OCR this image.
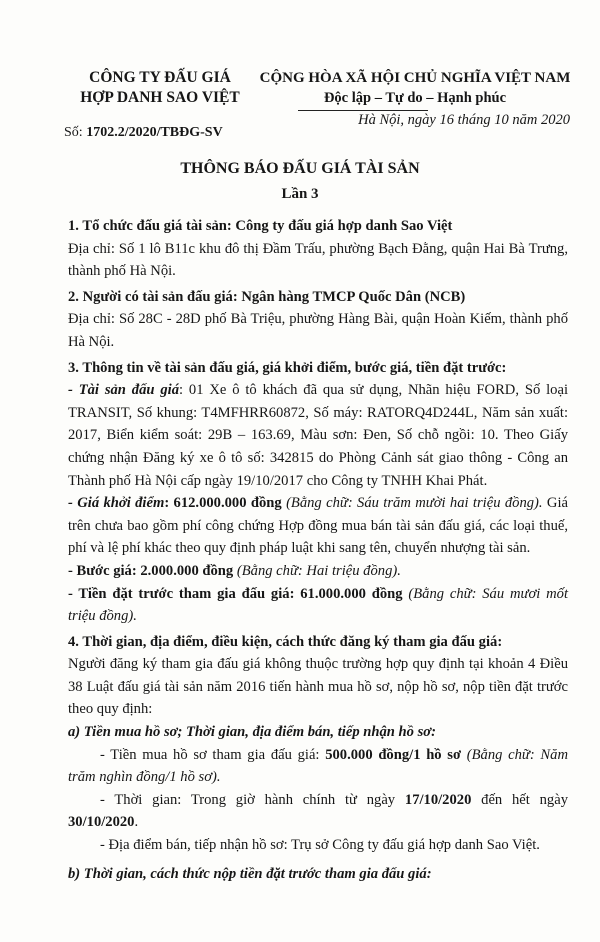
CÔNG TY ĐẤU GIÁ
HỢP DANH SAO VIỆT
CỘNG HÒA XÃ HỘI CHỦ NGHĨA VIỆT NAM
Độc lập – Tự do – Hạnh phúc
Số: 1702.2/2020/TBĐG-SV
Hà Nội, ngày 16 tháng 10 năm 2020
THÔNG BÁO ĐẤU GIÁ TÀI SẢN
Lần 3

1. Tổ chức đấu giá tài sản: Công ty đấu giá hợp danh Sao Việt

Địa chỉ: Số 1 lô B11c khu đô thị Đầm Trấu, phường Bạch Đằng, quận Hai Bà Trưng, thành phố Hà Nội.

2. Người có tài sản đấu giá: Ngân hàng TMCP Quốc Dân (NCB)

Địa chỉ: Số 28C - 28D phố Bà Triệu, phường Hàng Bài, quận Hoàn Kiếm, thành phố Hà Nội.

3. Thông tin về tài sản đấu giá, giá khởi điểm, bước giá, tiền đặt trước:

- Tài sản đấu giá: 01 Xe ô tô khách đã qua sử dụng, Nhãn hiệu FORD, Số loại TRANSIT, Số khung: T4MFHRR60872, Số máy: RATORQ4D244L, Năm sản xuất: 2017, Biển kiểm soát: 29B – 163.69, Màu sơn: Đen, Số chỗ ngồi: 10. Theo Giấy chứng nhận Đăng ký xe ô tô số: 342815 do Phòng Cảnh sát giao thông - Công an Thành phố Hà Nội cấp ngày 19/10/2017 cho Công ty TNHH Khai Phát.

- Giá khởi điểm: 612.000.000 đồng (Bằng chữ: Sáu trăm mười hai triệu đồng). Giá trên chưa bao gồm phí công chứng Hợp đồng mua bán tài sản đấu giá, các loại thuế, phí và lệ phí khác theo quy định pháp luật khi sang tên, chuyển nhượng tài sản.

- Bước giá: 2.000.000 đồng (Bằng chữ: Hai triệu đồng).

- Tiền đặt trước tham gia đấu giá: 61.000.000 đồng (Bằng chữ: Sáu mươi mốt triệu đồng).

4. Thời gian, địa điểm, điều kiện, cách thức đăng ký tham gia đấu giá:

Người đăng ký tham gia đấu giá không thuộc trường hợp quy định tại khoản 4 Điều 38 Luật đấu giá tài sản năm 2016 tiến hành mua hồ sơ, nộp hồ sơ, nộp tiền đặt trước theo quy định:

a) Tiền mua hồ sơ; Thời gian, địa điểm bán, tiếp nhận hồ sơ:

- Tiền mua hồ sơ tham gia đấu giá: 500.000 đồng/1 hồ sơ (Bằng chữ: Năm trăm nghìn đồng/1 hồ sơ).

- Thời gian: Trong giờ hành chính từ ngày 17/10/2020 đến hết ngày 30/10/2020.

- Địa điểm bán, tiếp nhận hồ sơ: Trụ sở Công ty đấu giá hợp danh Sao Việt.

b) Thời gian, cách thức nộp tiền đặt trước tham gia đấu giá:
